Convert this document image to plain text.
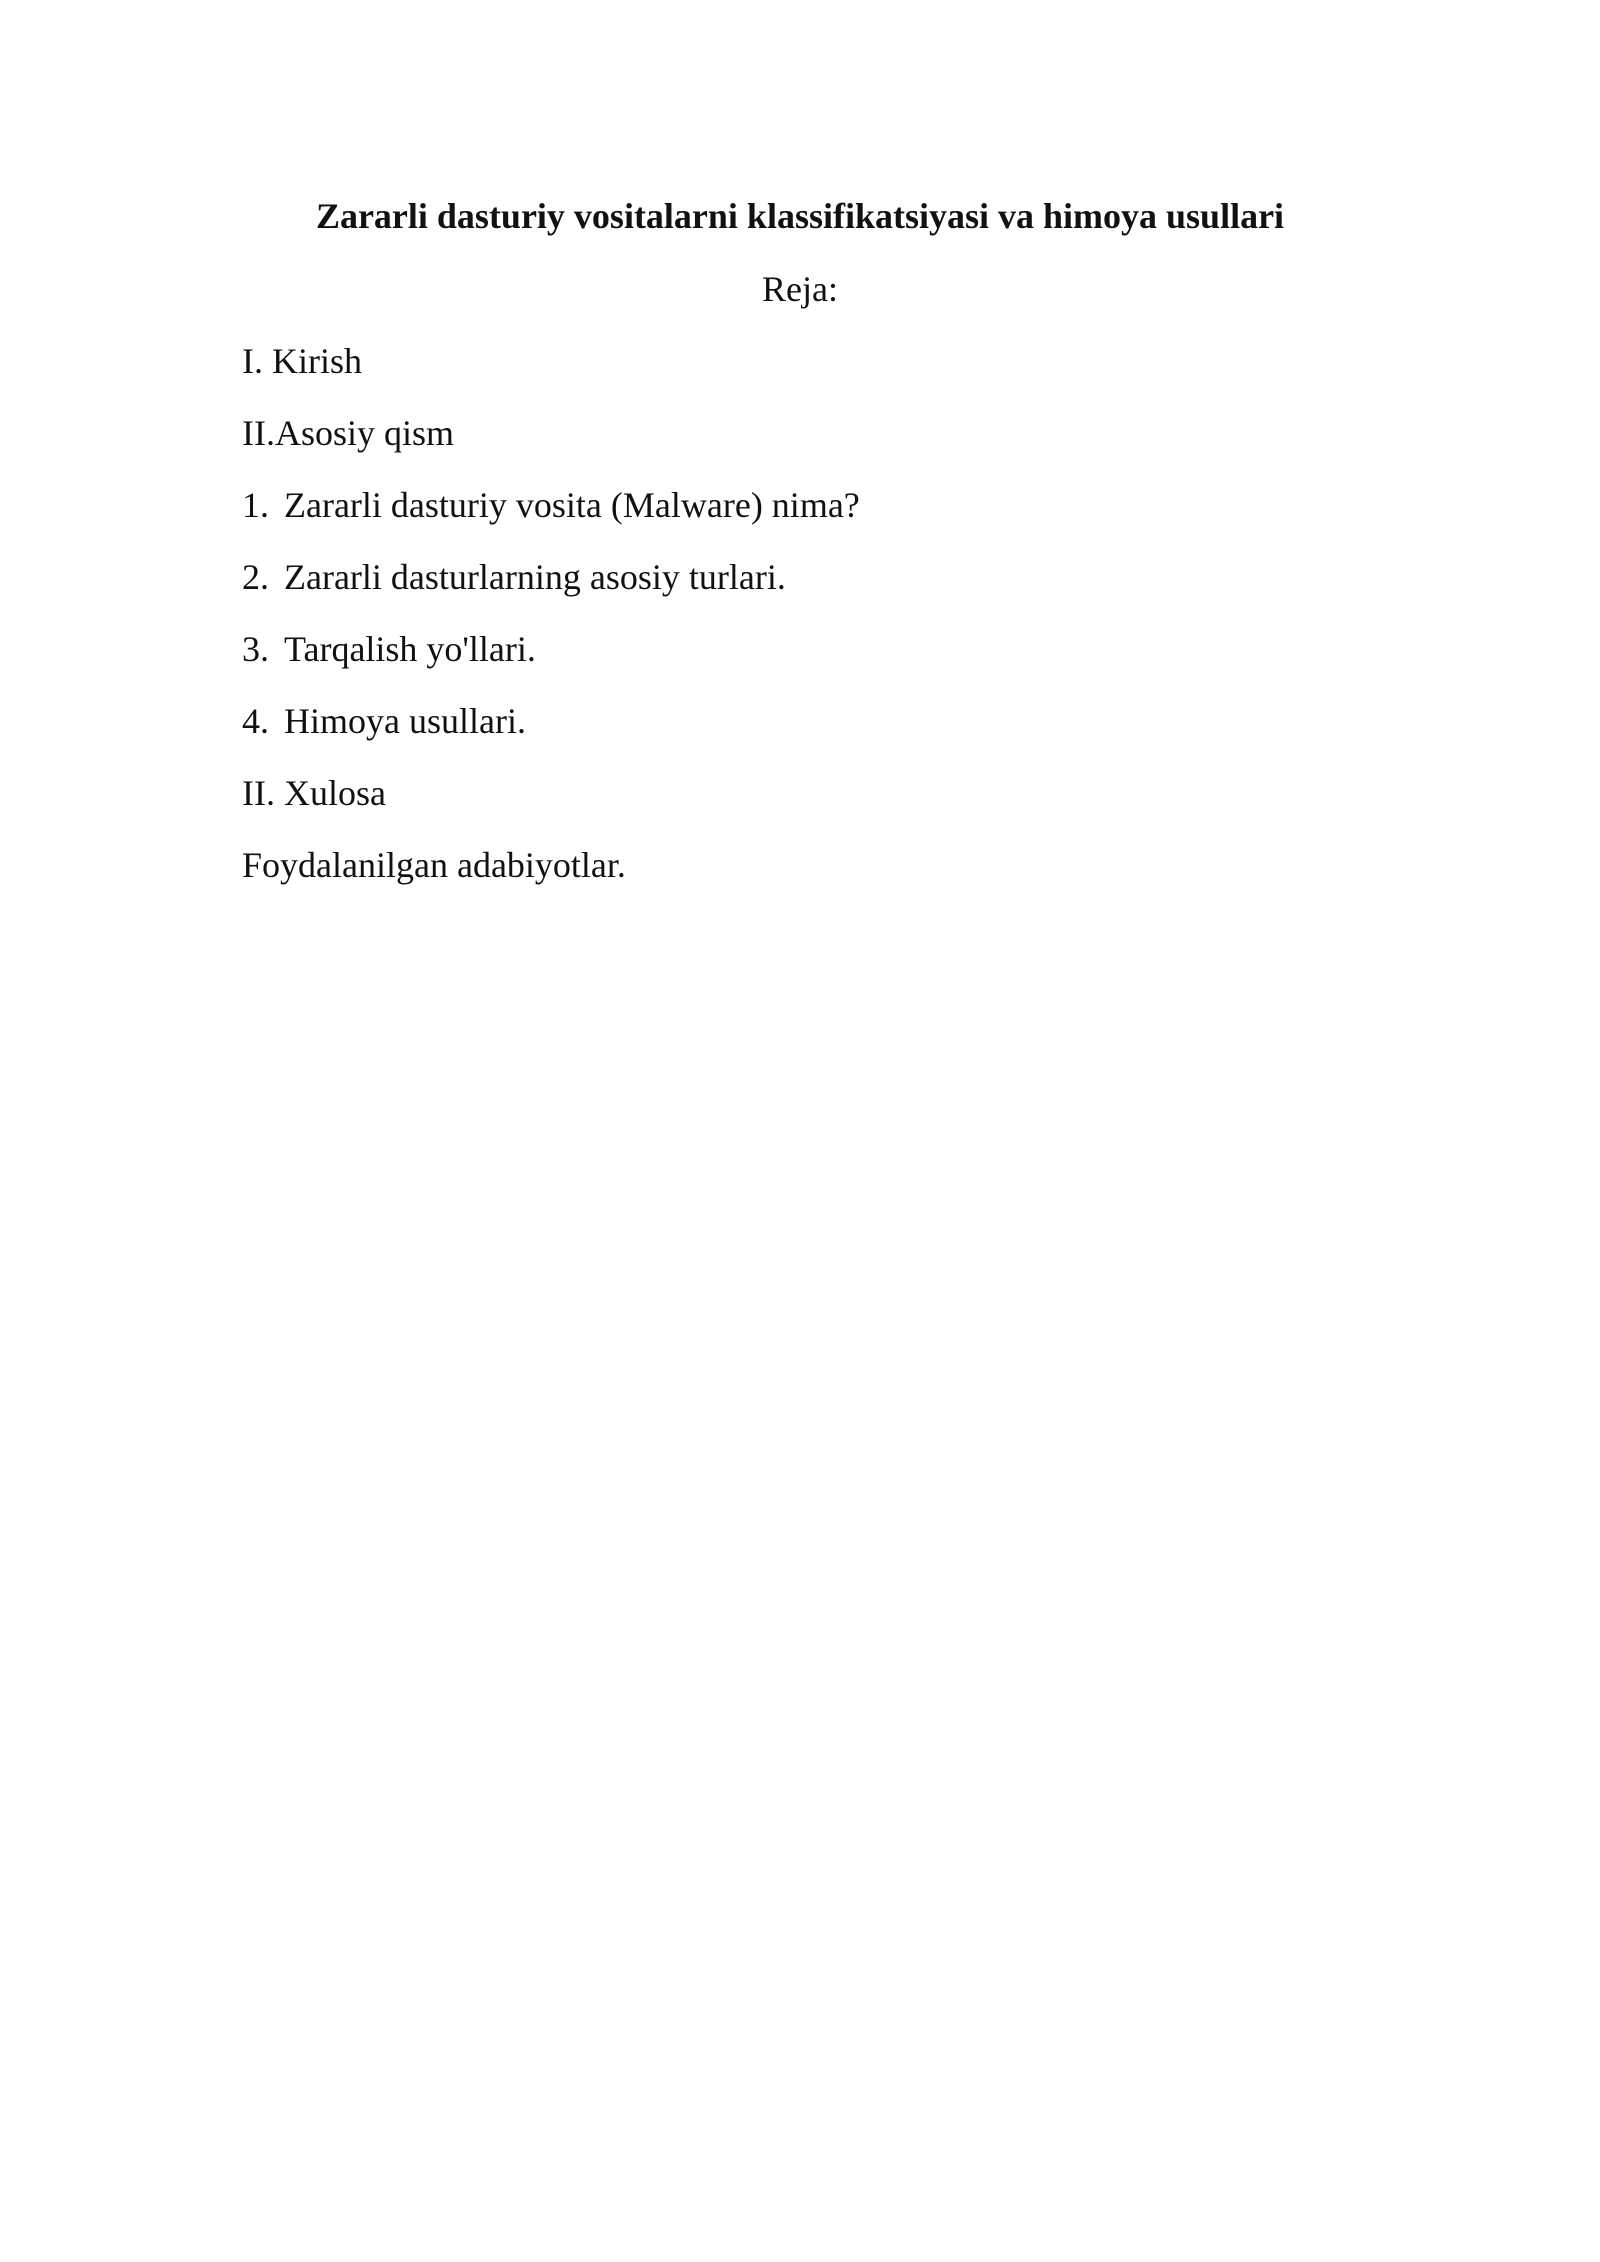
Zararli dasturiy vositalarni klassifikatsiyasi va himoya usullari
Reja:
I. Kirish
II.Asosiy qism
1. Zararli dasturiy vosita (Malware) nima?
2. Zararli dasturlarning asosiy turlari.
3. Tarqalish yo'llari.
4. Himoya usullari.
II. Xulosa
Foydalanilgan adabiyotlar.
